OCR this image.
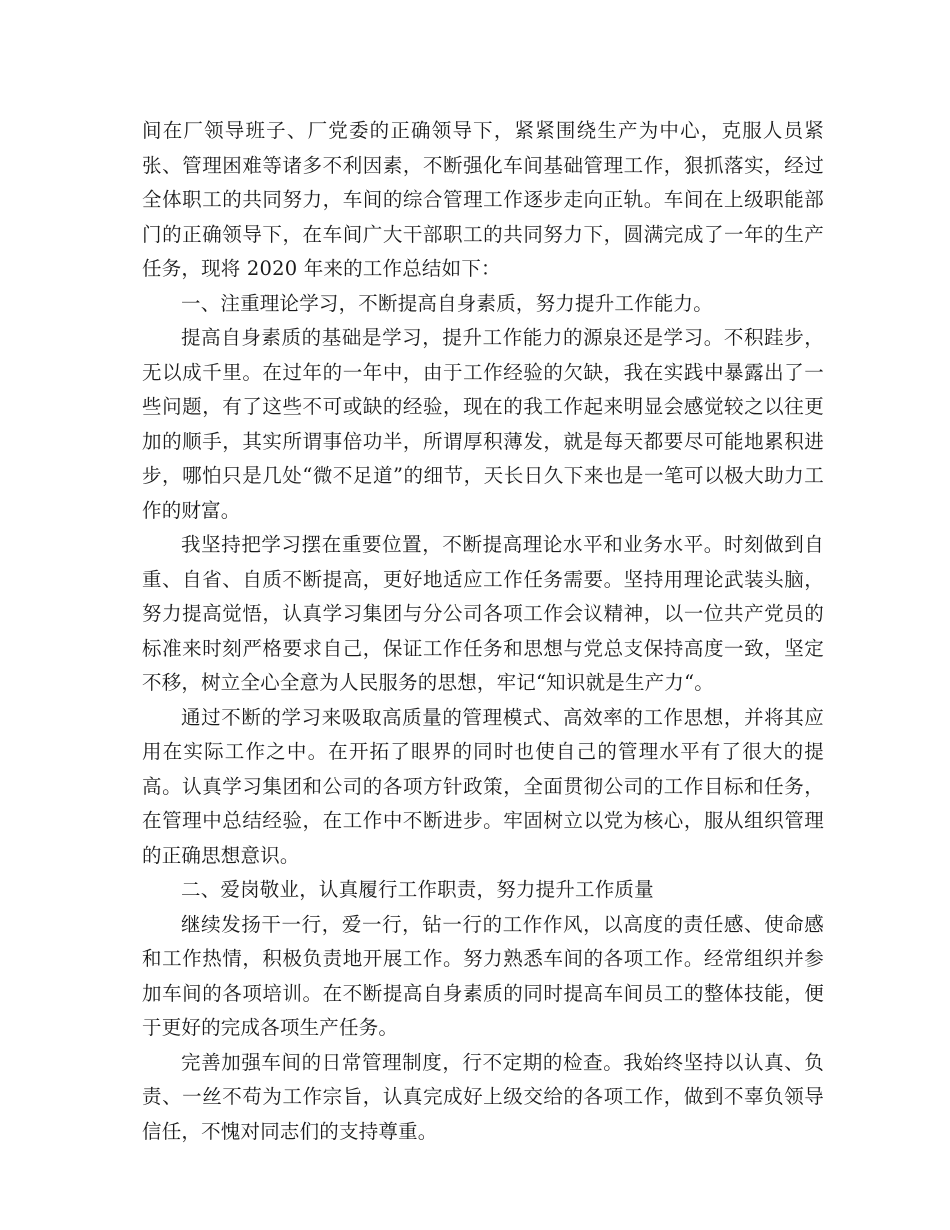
间在厂领导班子、厂党委的正确领导下，紧紧围绕生产为中心，克服人员紧张、管理困难等诸多不利因素，不断强化车间基础管理工作，狠抓落实，经过全体职工的共同努力，车间的综合管理工作逐步走向正轨。车间在上级职能部门的正确领导下，在车间广大干部职工的共同努力下，圆满完成了一年的生产任务，现将 2020 年来的工作总结如下：

一、注重理论学习，不断提高自身素质，努力提升工作能力。

提高自身素质的基础是学习，提升工作能力的源泉还是学习。不积跬步，无以成千里。在过年的一年中，由于工作经验的欠缺，我在实践中暴露出了一些问题，有了这些不可或缺的经验，现在的我工作起来明显会感觉较之以往更加的顺手，其实所谓事倍功半，所谓厚积薄发，就是每天都要尽可能地累积进步，哪怕只是几处“微不足道”的细节，天长日久下来也是一笔可以极大助力工作的财富。

我坚持把学习摆在重要位置，不断提高理论水平和业务水平。时刻做到自重、自省、自质不断提高，更好地适应工作任务需要。坚持用理论武装头脑，努力提高觉悟，认真学习集团与分公司各项工作会议精神，以一位共产党员的标准来时刻严格要求自己，保证工作任务和思想与党总支保持高度一致，坚定不移，树立全心全意为人民服务的思想，牢记“知识就是生产力“。

通过不断的学习来吸取高质量的管理模式、高效率的工作思想，并将其应用在实际工作之中。在开拓了眼界的同时也使自己的管理水平有了很大的提高。认真学习集团和公司的各项方针政策，全面贯彻公司的工作目标和任务，在管理中总结经验，在工作中不断进步。牢固树立以党为核心，服从组织管理的正确思想意识。

二、爱岗敬业，认真履行工作职责，努力提升工作质量

继续发扬干一行，爱一行，钻一行的工作作风，以高度的责任感、使命感和工作热情，积极负责地开展工作。努力熟悉车间的各项工作。经常组织并参加车间的各项培训。在不断提高自身素质的同时提高车间员工的整体技能，便于更好的完成各项生产任务。

完善加强车间的日常管理制度，行不定期的检查。我始终坚持以认真、负责、一丝不苟为工作宗旨，认真完成好上级交给的各项工作，做到不辜负领导信任，不愧对同志们的支持尊重。
